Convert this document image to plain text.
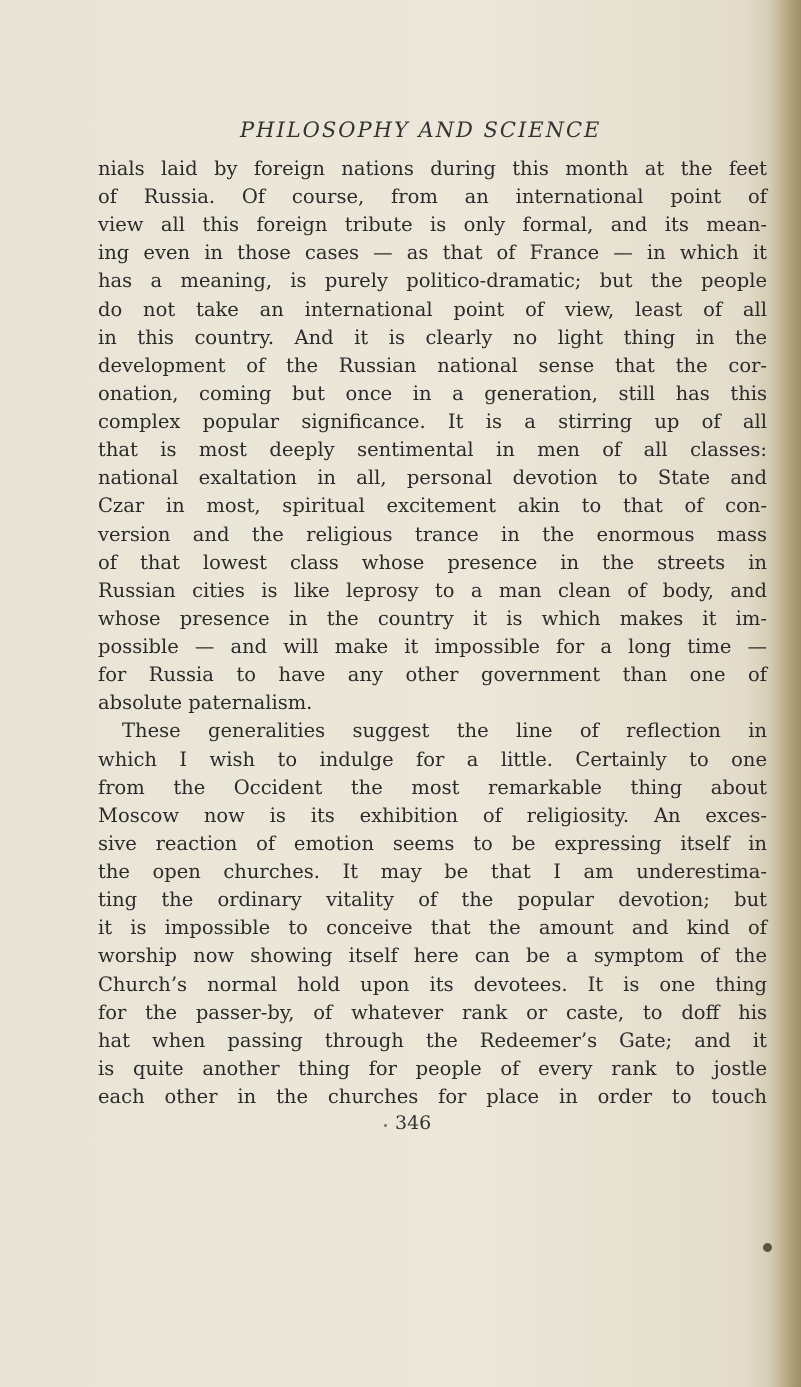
PHILOSOPHY AND SCIENCE
nials laid by foreign nations during this month at the feet
of Russia. Of course, from an international point of
view all this foreign tribute is only formal, and its mean-
ing even in those cases — as that of France — in which it
has a meaning, is purely politico-dramatic; but the people
do not take an international point of view, least of all
in this country. And it is clearly no light thing in the
development of the Russian national sense that the cor-
onation, coming but once in a generation, still has this
complex popular significance. It is a stirring up of all
that is most deeply sentimental in men of all classes:
national exaltation in all, personal devotion to State and
Czar in most, spiritual excitement akin to that of con-
version and the religious trance in the enormous mass
of that lowest class whose presence in the streets in
Russian cities is like leprosy to a man clean of body, and
whose presence in the country it is which makes it im-
possible — and will make it impossible for a long time —
for Russia to have any other government than one of
absolute paternalism.
These generalities suggest the line of reflection in
which I wish to indulge for a little. Certainly to one
from the Occident the most remarkable thing about
Moscow now is its exhibition of religiosity. An exces-
sive reaction of emotion seems to be expressing itself in
the open churches. It may be that I am underestima-
ting the ordinary vitality of the popular devotion; but
it is impossible to conceive that the amount and kind of
worship now showing itself here can be a symptom of the
Church’s normal hold upon its devotees. It is one thing
for the passer-by, of whatever rank or caste, to doff his
hat when passing through the Redeemer’s Gate; and it
is quite another thing for people of every rank to jostle
each other in the churches for place in order to touch
346
